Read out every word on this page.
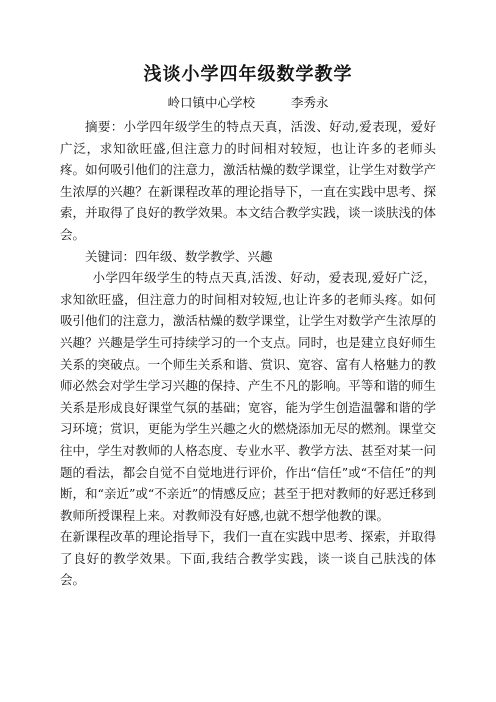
浅谈小学四年级数学教学
岭口镇中心学校	李秀永

摘要：小学四年级学生的特点天真，活泼、好动,爱表现，爱好广泛，求知欲旺盛,但注意力的时间相对较短，也让许多的老师头疼。如何吸引他们的注意力，激活枯燥的数学课堂，让学生对数学产生浓厚的兴趣？在新课程改革的理论指导下，一直在实践中思考、探索，并取得了良好的教学效果。本文结合教学实践，谈一谈肤浅的体会。

关键词：四年级、数学教学、兴趣

小学四年级学生的特点天真,活泼、好动，爱表现,爱好广泛，求知欲旺盛，但注意力的时间相对较短,也让许多的老师头疼。如何吸引他们的注意力，激活枯燥的数学课堂，让学生对数学产生浓厚的兴趣？兴趣是学生可持续学习的一个支点。同时，也是建立良好师生关系的突破点。一个师生关系和谐、赏识、宽容、富有人格魅力的教师必然会对学生学习兴趣的保持、产生不凡的影响。平等和谐的师生关系是形成良好课堂气氛的基础；宽容，能为学生创造温馨和谐的学习环境；赏识，更能为学生兴趣之火的燃烧添加无尽的燃剂。课堂交往中，学生对教师的人格态度、专业水平、教学方法、甚至对某一问题的看法，都会自觉不自觉地进行评价，作出“信任”或“不信任”的判断，和“亲近”或“不亲近”的情感反应；甚至于把对教师的好恶迁移到教师所授课程上来。对教师没有好感,也就不想学他教的课。

在新课程改革的理论指导下，我们一直在实践中思考、探索，并取得了良好的教学效果。下面,我结合教学实践，谈一谈自己肤浅的体会。
